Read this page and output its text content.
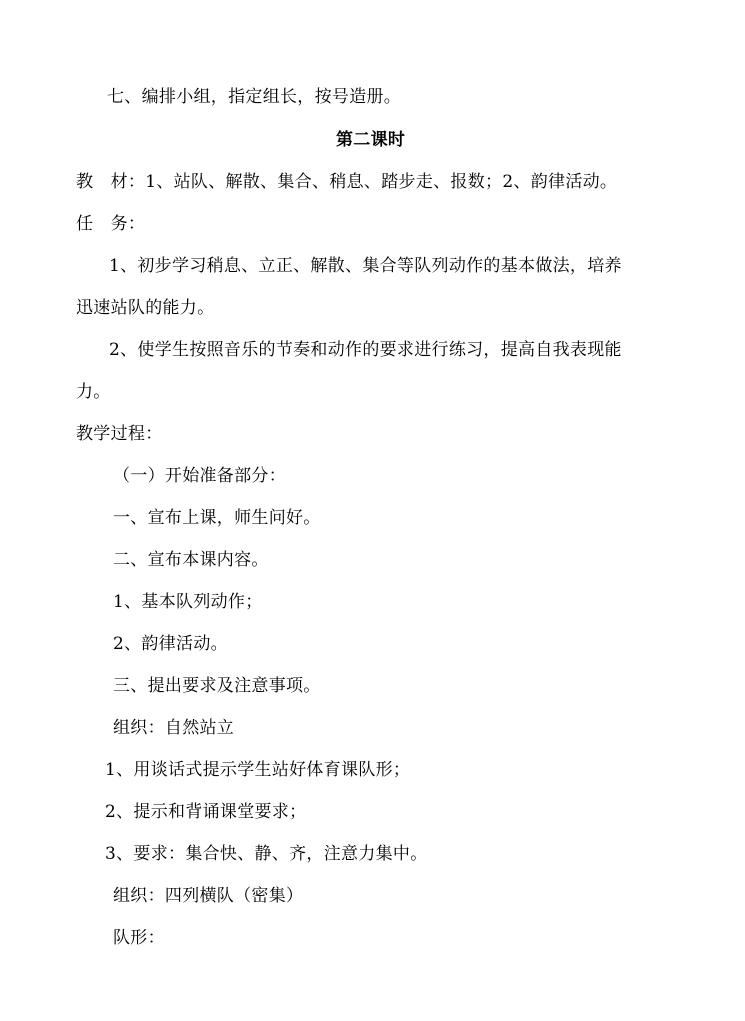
七、编排小组，指定组长，按号造册。
第二课时
教　材：1、站队、解散、集合、稍息、踏步走、报数；2、韵律活动。
任　务：
1、初步学习稍息、立正、解散、集合等队列动作的基本做法，培养
迅速站队的能力。
2、使学生按照音乐的节奏和动作的要求进行练习，提高自我表现能
力。
教学过程：
（一）开始准备部分：
一、宣布上课，师生问好。
二、宣布本课内容。
1、基本队列动作；
2、韵律活动。
三、提出要求及注意事项。
组织：自然站立
1、用谈话式提示学生站好体育课队形；
2、提示和背诵课堂要求；
3、要求：集合快、静、齐，注意力集中。
组织：四列横队（密集）
队形：
